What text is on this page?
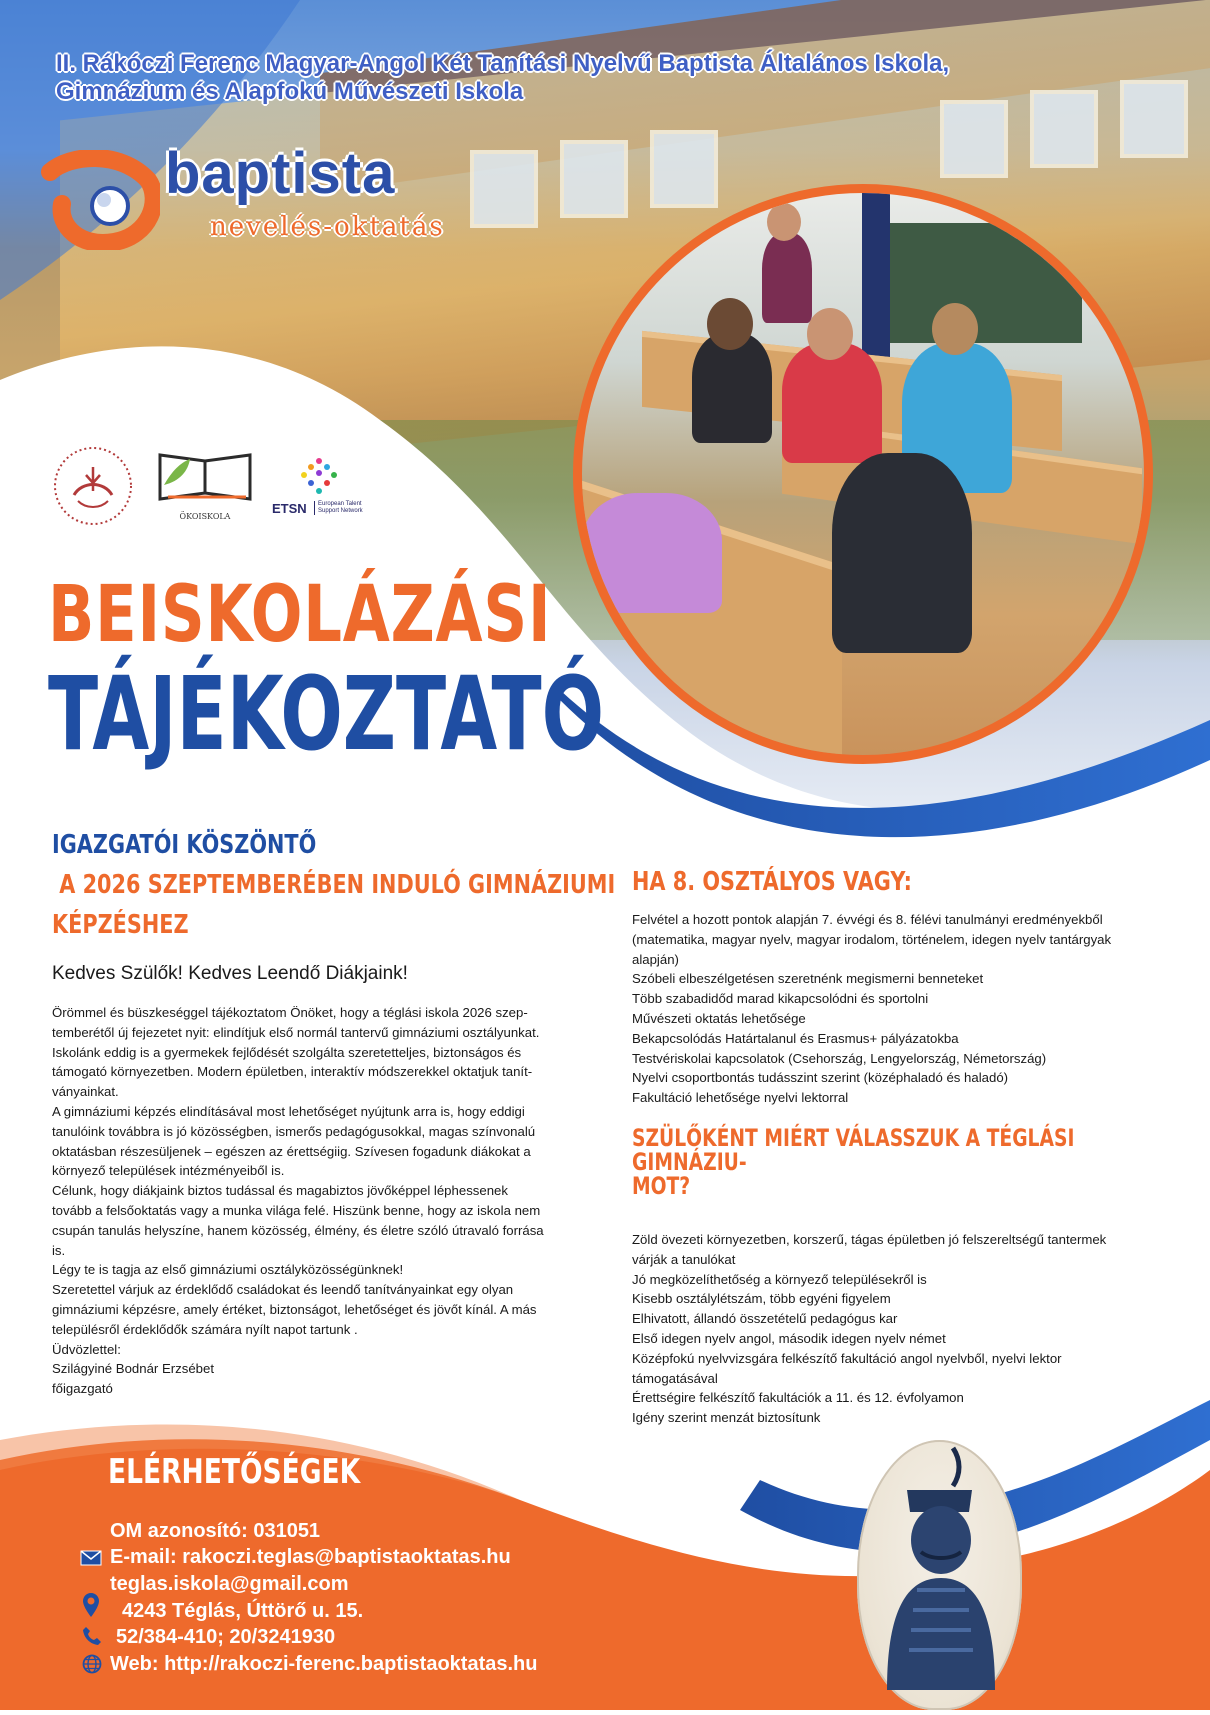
II. Rákóczi Ferenc Magyar-Angol Két Tanítási Nyelvű Baptista Általános Iskola,
Gimnázium és Alapfokú Művészeti Iskola
baptista
nevelés-oktatás
ÖKOISKOLA
ETSN European Talent
Support Network
BEISKOLÁZÁSI
TÁJÉKOZTATÓ
IGAZGATÓI KÖSZÖNTŐ
A 2026 SZEPTEMBERÉBEN INDULÓ GIMNÁZIUMI
KÉPZÉSHEZ
Kedves Szülők! Kedves Leendő Diákjaink!
Örömmel és büszkeséggel tájékoztatom Önöket, hogy a téglási iskola 2026 szep-
temberétől új fejezetet nyit: elindítjuk első normál tantervű gimnáziumi osztályunkat.
Iskolánk eddig is a gyermekek fejlődését szolgálta szeretetteljes, biztonságos és
támogató környezetben. Modern épületben, interaktív módszerekkel oktatjuk tanít-
ványainkat.
A gimnáziumi képzés elindításával most lehetőséget nyújtunk arra is, hogy eddigi
tanulóink továbbra is jó közösségben, ismerős pedagógusokkal, magas színvonalú
oktatásban részesüljenek – egészen az érettségiig. Szívesen fogadunk diákokat a
környező települések intézményeiből is.
Célunk, hogy diákjaink biztos tudással és magabiztos jövőképpel léphessenek
tovább a felsőoktatás vagy a munka világa felé. Hiszünk benne, hogy az iskola nem
csupán tanulás helyszíne, hanem közösség, élmény, és életre szóló útravaló forrása
is.
Légy te is tagja az első gimnáziumi osztályközösségünknek!
Szeretettel várjuk az érdeklődő családokat és leendő tanítványainkat egy olyan
gimnáziumi képzésre, amely értéket, biztonságot, lehetőséget és jövőt kínál. A más
településről érdeklődők számára nyílt napot tartunk .
Üdvözlettel:
Szilágyiné Bodnár Erzsébet
főigazgató
HA 8. OSZTÁLYOS VAGY:
Felvétel a hozott pontok alapján 7. évvégi és 8. félévi tanulmányi eredményekből
(matematika, magyar nyelv, magyar irodalom, történelem, idegen nyelv tantárgyak
alapján)
Szóbeli elbeszélgetésen szeretnénk megismerni benneteket
Több szabadidőd marad kikapcsolódni és sportolni
Művészeti oktatás lehetősége
Bekapcsolódás Határtalanul és Erasmus+ pályázatokba
Testvériskolai kapcsolatok (Csehország, Lengyelország, Németország)
Nyelvi csoportbontás tudásszint szerint (középhaladó és haladó)
Fakultáció lehetősége nyelvi lektorral
SZÜLŐKÉNT MIÉRT VÁLASSZUK A TÉGLÁSI GIMNÁZIU-
MOT?
Zöld övezeti környezetben, korszerű, tágas épületben jó felszereltségű tantermek
várják a tanulókat
Jó megközelíthetőség a környező településekről is
Kisebb osztálylétszám, több egyéni figyelem
Elhivatott, állandó összetételű pedagógus kar
Első idegen nyelv angol, második idegen nyelv német
Középfokú nyelvvizsgára felkészítő fakultáció angol nyelvből, nyelvi lektor
támogatásával
Érettségire felkészítő fakultációk a 11. és 12. évfolyamon
Igény szerint menzát biztosítunk
ELÉRHETŐSÉGEK
OM azonosító: 031051
E-mail: rakoczi.teglas@baptistaoktatas.hu
teglas.iskola@gmail.com
4243 Téglás, Úttörő u. 15.
52/384-410; 20/3241930
Web: http://rakoczi-ferenc.baptistaoktatas.hu
